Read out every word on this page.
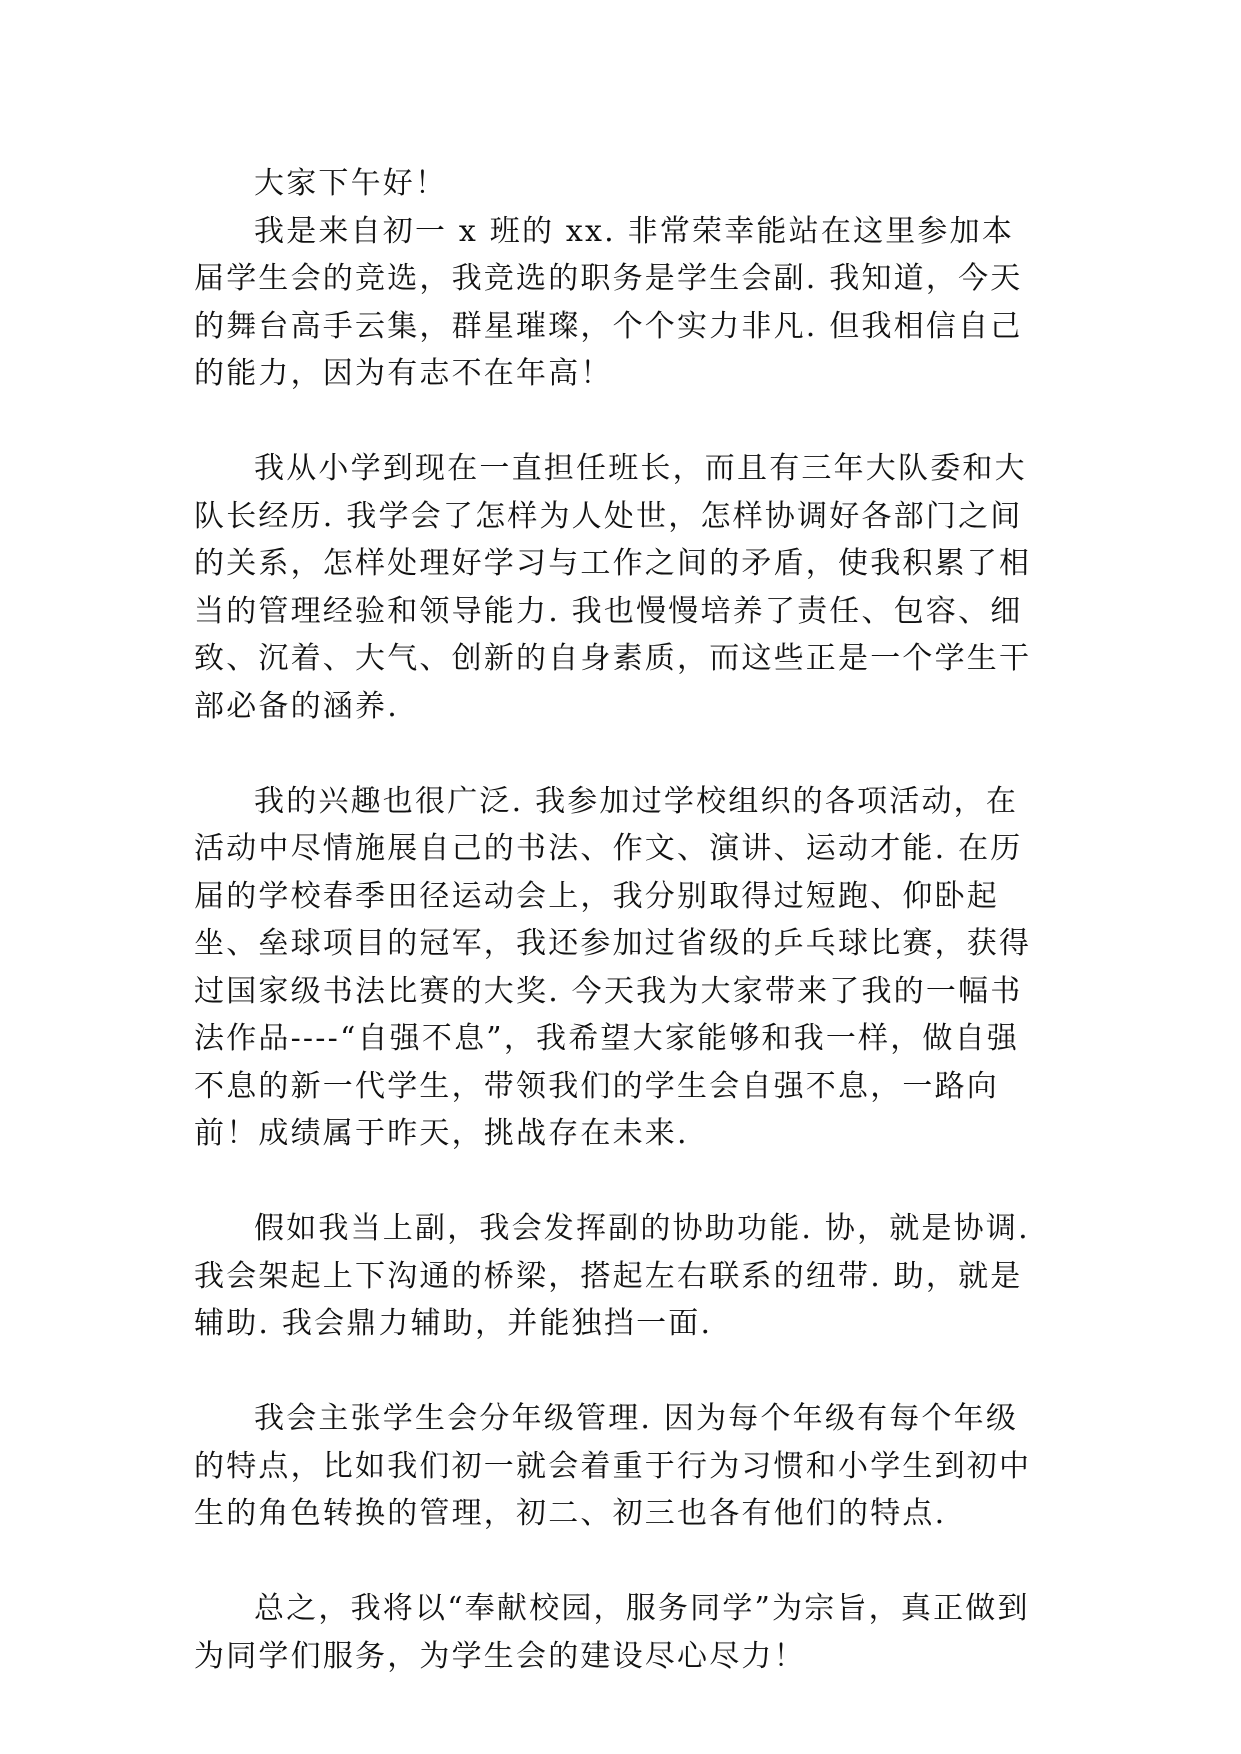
大家下午好！

我是来自初一 x 班的 xx. 非常荣幸能站在这里参加本届学生会的竞选，我竞选的职务是学生会副. 我知道，今天的舞台高手云集，群星璀璨，个个实力非凡. 但我相信自己的能力，因为有志不在年高！

我从小学到现在一直担任班长，而且有三年大队委和大队长经历. 我学会了怎样为人处世，怎样协调好各部门之间的关系，怎样处理好学习与工作之间的矛盾，使我积累了相当的管理经验和领导能力. 我也慢慢培养了责任、包容、细致、沉着、大气、创新的自身素质，而这些正是一个学生干部必备的涵养.

我的兴趣也很广泛. 我参加过学校组织的各项活动，在活动中尽情施展自己的书法、作文、演讲、运动才能. 在历届的学校春季田径运动会上，我分别取得过短跑、仰卧起坐、垒球项目的冠军，我还参加过省级的乒乓球比赛，获得过国家级书法比赛的大奖. 今天我为大家带来了我的一幅书法作品----“自强不息”，我希望大家能够和我一样，做自强不息的新一代学生，带领我们的学生会自强不息，一路向前！成绩属于昨天，挑战存在未来.

假如我当上副，我会发挥副的协助功能. 协，就是协调. 我会架起上下沟通的桥梁，搭起左右联系的纽带. 助，就是辅助. 我会鼎力辅助，并能独挡一面.

我会主张学生会分年级管理. 因为每个年级有每个年级的特点，比如我们初一就会着重于行为习惯和小学生到初中生的角色转换的管理，初二、初三也各有他们的特点.

总之，我将以“奉献校园，服务同学”为宗旨，真正做到为同学们服务，为学生会的建设尽心尽力！
